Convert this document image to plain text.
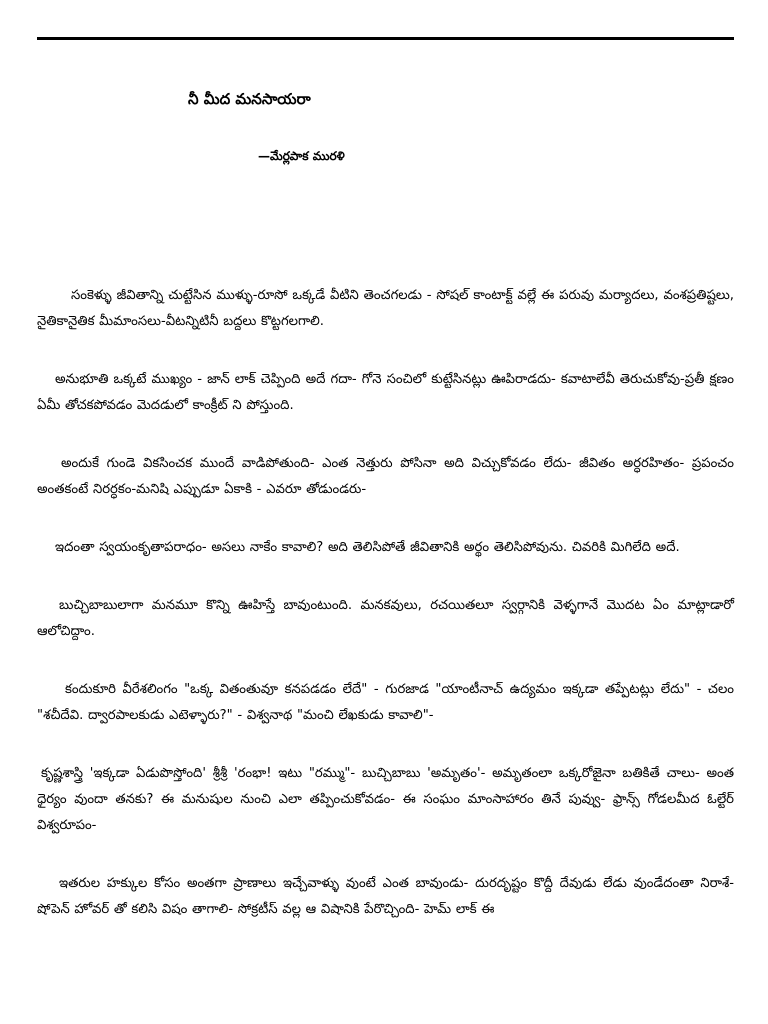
నీ మీద మనసాయరా
—మేర్లపాక మురళి

సంకెళ్ళు జీవితాన్ని చుట్టేసిన ముళ్ళు-రూసో ఒక్కడే వీటిని తెంచగలడు - సోషల్ కాంటాక్ట్ వల్లే ఈ పరువు మర్యాదలు, వంశప్రతిష్టలు, నైతికానైతిక మీమాంసలు-వీటన్నిటినీ బద్దలు కొట్టగలగాలి.

అనుభూతి ఒక్కటే ముఖ్యం - జాన్ లాక్ చెప్పింది అదే గదా- గోనె సంచిలో కుట్టేసినట్లు ఊపిరాడదు- కవాటాలేవీ తెరుచుకోవు-ప్రతీ క్షణం ఏమీ తోచకపోవడం మెదడులో కాంక్రీట్ ని పోస్తుంది.

అందుకే గుండె వికసించక ముందే వాడిపోతుంది- ఎంత నెత్తురు పోసినా అది విచ్చుకోవడం లేదు- జీవితం అర్ధరహితం- ప్రపంచం అంతకంటే నిరర్ధకం-మనిషి ఎప్పుడూ ఏకాకి - ఎవరూ తోడుండరు-

ఇదంతా స్వయంకృతాపరాధం- అసలు నాకేం కావాలి? అది తెలిసిపోతే జీవితానికి అర్థం తెలిసిపోవును. చివరికి మిగిలేది అదే.

బుచ్చిబాబులాగా మనమూ కొన్ని ఊహిస్తే బావుంటుంది. మనకవులు, రచయితలూ స్వర్గానికి వెళ్ళగానే మొదట ఏం మాట్లాడారో ఆలోచిద్దాం.

కందుకూరి వీరేశలింగం "ఒక్క వితంతువూ కనపడడం లేదే" - గురజాడ "యాంటీనాచ్ ఉద్యమం ఇక్కడా తప్పేటట్లు లేదు" - చలం "శచీదేవి. ద్వారపాలకుడు ఎటెళ్ళారు?" - విశ్వనాథ "మంచి లేఖకుడు కావాలి"-

కృష్ణశాస్త్రి 'ఇక్కడా ఏడుపొస్తోంది' శ్రీశ్రీ 'రంభా! ఇటు "రమ్ము"- బుచ్చిబాబు 'అమృతం'- అమృతంలా ఒక్కరోజైనా బతికితే చాలు- అంత ధైర్యం వుందా తనకు? ఈ మనుషుల నుంచి ఎలా తప్పించుకోవడం- ఈ సంఘం మాంసాహారం తినే పువ్వు- ఫ్రాన్స్ గోడలమీద ఓల్టేర్ విశ్వరూపం-

ఇతరుల హక్కుల కోసం అంతగా ప్రాణాలు ఇచ్చేవాళ్ళు వుంటే ఎంత బావుండు- దురదృష్టం కొద్దీ దేవుడు లేడు వుండేదంతా నిరాశే- షోపెన్ హోవర్ తో కలిసి విషం తాగాలి- సోక్రటీస్ వల్ల ఆ విషానికి పేరొచ్చింది- హెమ్ లాక్ ఈ
